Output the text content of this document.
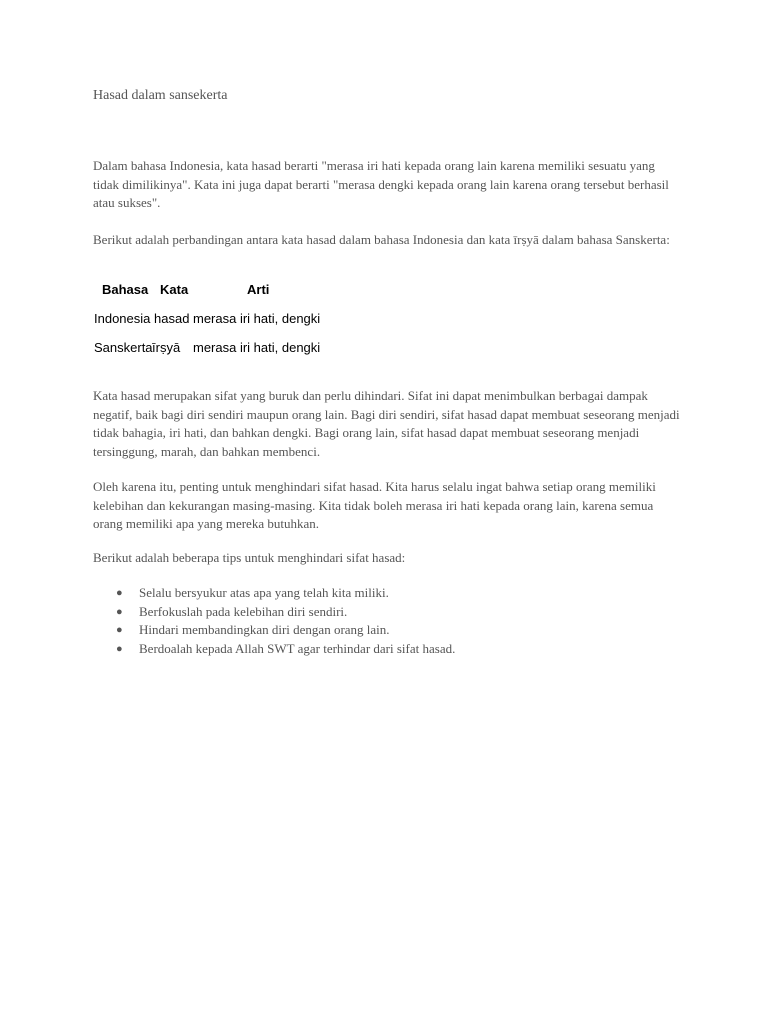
Hasad dalam sansekerta

Dalam bahasa Indonesia, kata hasad berarti "merasa iri hati kepada orang lain karena memiliki sesuatu yang tidak dimilikinya". Kata ini juga dapat berarti "merasa dengki kepada orang lain karena orang tersebut berhasil atau sukses".

Berikut adalah perbandingan antara kata hasad dalam bahasa Indonesia dan kata īrṣyā dalam bahasa Sanskerta:

Bahasa Kata	Arti
Indonesia hasad merasa iri hati, dengki
Sanskerta īrṣyā merasa iri hati, dengki

Kata hasad merupakan sifat yang buruk dan perlu dihindari. Sifat ini dapat menimbulkan berbagai dampak negatif, baik bagi diri sendiri maupun orang lain. Bagi diri sendiri, sifat hasad dapat membuat seseorang menjadi tidak bahagia, iri hati, dan bahkan dengki. Bagi orang lain, sifat hasad dapat membuat seseorang menjadi tersinggung, marah, dan bahkan membenci.

Oleh karena itu, penting untuk menghindari sifat hasad. Kita harus selalu ingat bahwa setiap orang memiliki kelebihan dan kekurangan masing-masing. Kita tidak boleh merasa iri hati kepada orang lain, karena semua orang memiliki apa yang mereka butuhkan.

Berikut adalah beberapa tips untuk menghindari sifat hasad:

● Selalu bersyukur atas apa yang telah kita miliki.
● Berfokuslah pada kelebihan diri sendiri.
● Hindari membandingkan diri dengan orang lain.
● Berdoalah kepada Allah SWT agar terhindar dari sifat hasad.
